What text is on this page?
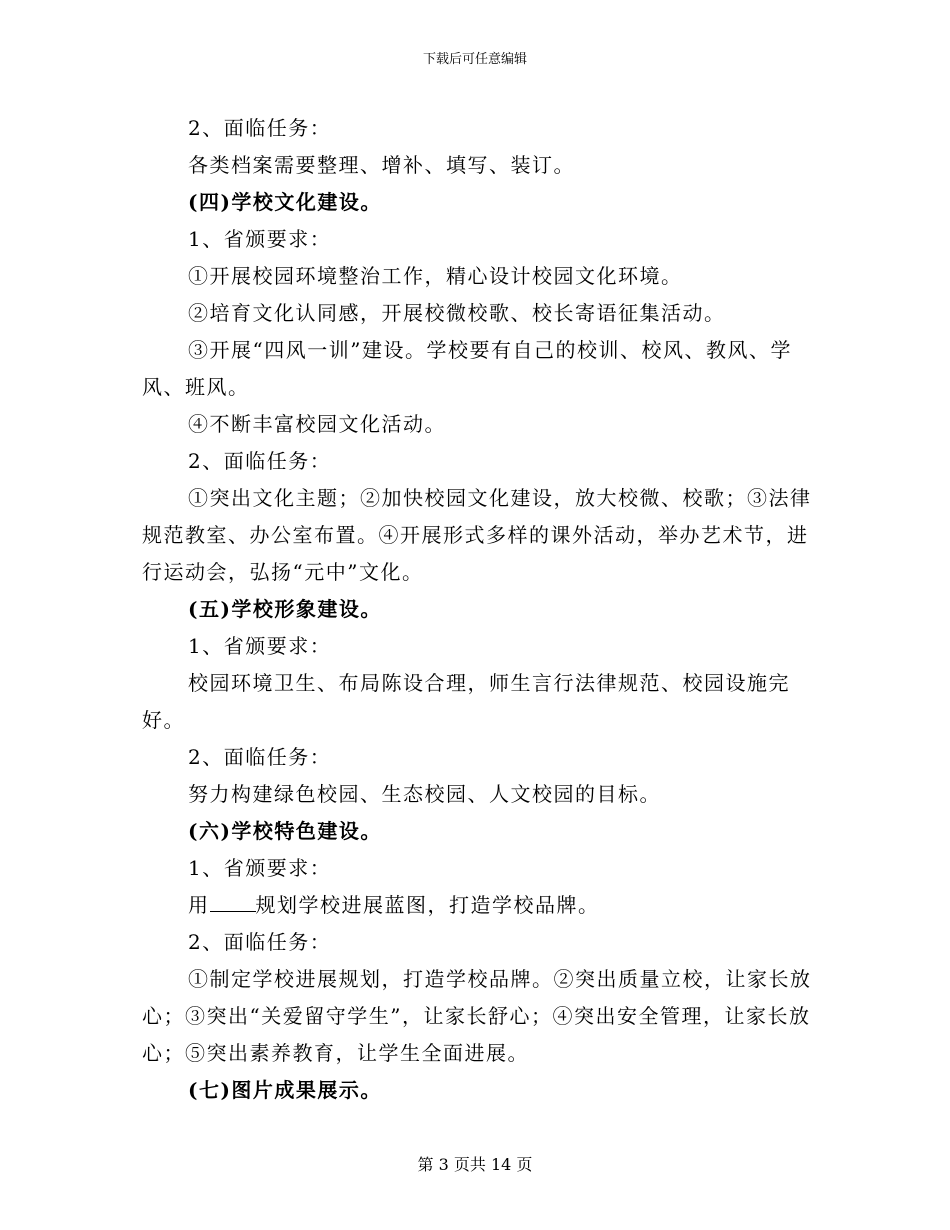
下载后可任意编辑

2、面临任务：

各类档案需要整理、增补、填写、装订。

(四)学校文化建设。

1、省颁要求：

①开展校园环境整治工作，精心设计校园文化环境。

②培育文化认同感，开展校微校歌、校长寄语征集活动。

③开展“四风一训”建设。学校要有自己的校训、校风、教风、学风、班风。

④不断丰富校园文化活动。

2、面临任务：

①突出文化主题；②加快校园文化建设，放大校微、校歌；③法律规范教室、办公室布置。④开展形式多样的课外活动，举办艺术节，进行运动会，弘扬“元中”文化。

(五)学校形象建设。

1、省颁要求：

校园环境卫生、布局陈设合理，师生言行法律规范、校园设施完好。

2、面临任务：

努力构建绿色校园、生态校园、人文校园的目标。

(六)学校特色建设。

1、省颁要求：

用 规划学校进展蓝图，打造学校品牌。

2、面临任务：

①制定学校进展规划，打造学校品牌。②突出质量立校，让家长放心；③突出“关爱留守学生”，让家长舒心；④突出安全管理，让家长放心；⑤突出素养教育，让学生全面进展。

(七)图片成果展示。

第 3 页共 14 页
